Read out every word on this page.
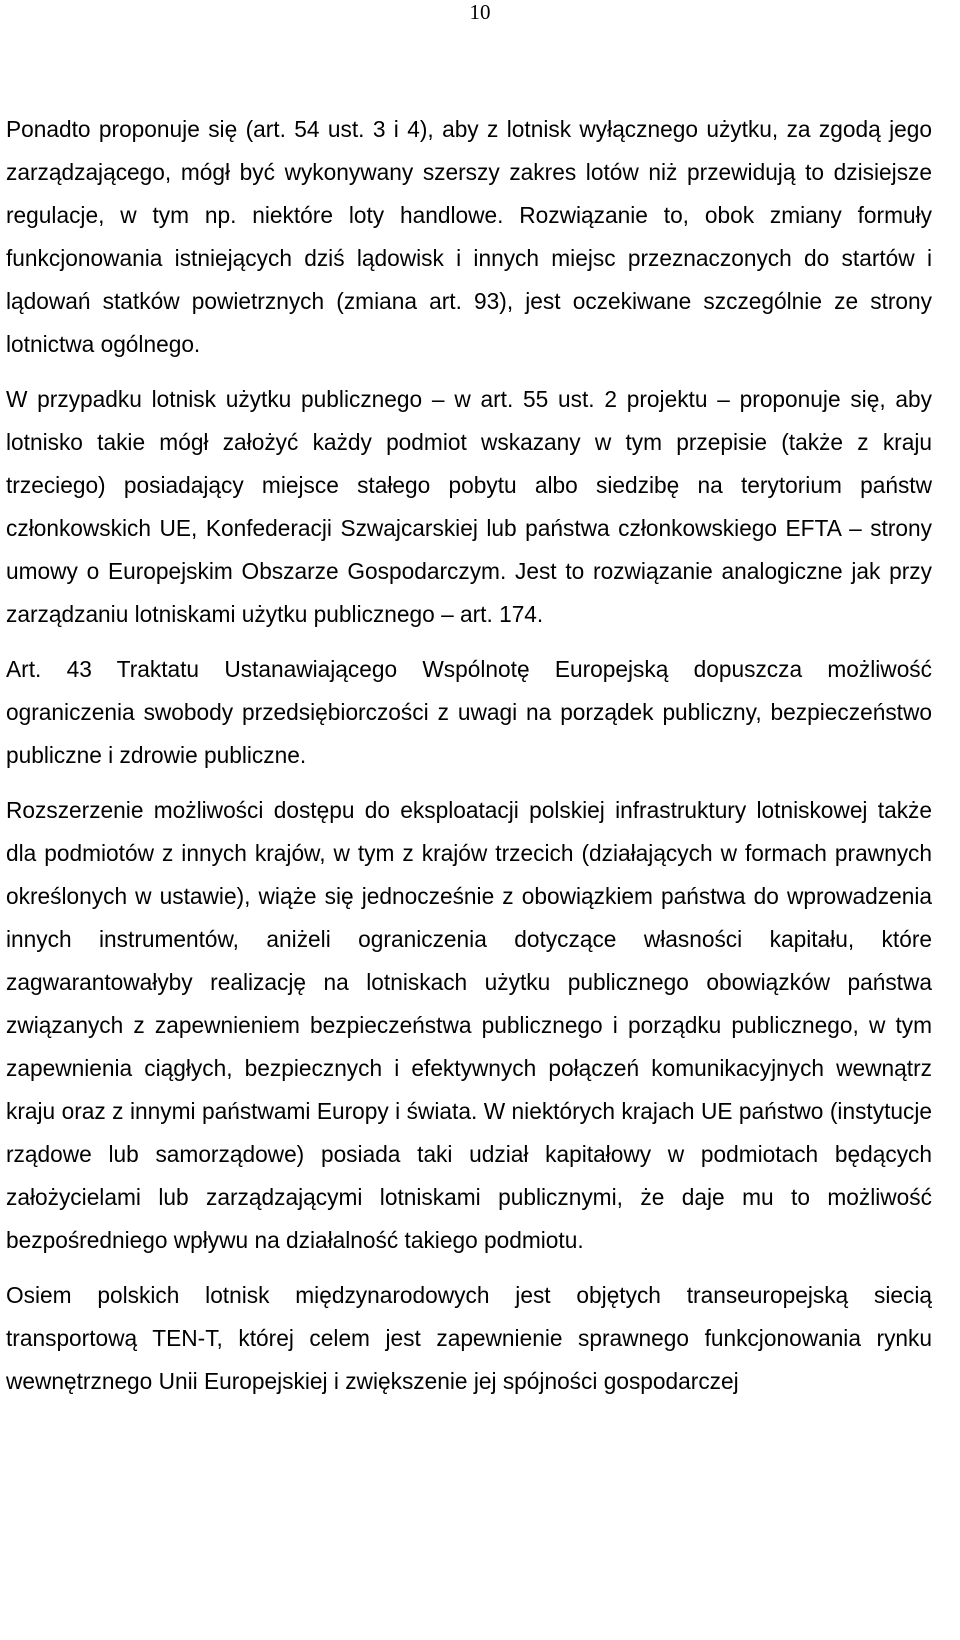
10

Ponadto proponuje się (art. 54 ust. 3 i 4), aby z lotnisk wyłącznego użytku, za zgodą jego zarządzającego, mógł być wykonywany szerszy zakres lotów niż przewidują to dzisiejsze regulacje, w tym np. niektóre loty handlowe. Rozwiązanie to, obok zmiany formuły funkcjonowania istniejących dziś lądowisk i innych miejsc przeznaczonych do startów i lądowań statków powietrznych (zmiana art. 93), jest oczekiwane szczególnie ze strony lotnictwa ogólnego.

W przypadku lotnisk użytku publicznego – w art. 55 ust. 2 projektu – proponuje się, aby lotnisko takie mógł założyć każdy podmiot wskazany w tym przepisie (także z kraju trzeciego) posiadający miejsce stałego pobytu albo siedzibę na terytorium państw członkowskich UE, Konfederacji Szwajcarskiej lub państwa członkowskiego EFTA – strony umowy o Europejskim Obszarze Gospodarczym. Jest to rozwiązanie analogiczne jak przy zarządzaniu lotniskami użytku publicznego – art. 174.

Art. 43 Traktatu Ustanawiającego Wspólnotę Europejską dopuszcza możliwość ograniczenia swobody przedsiębiorczości z uwagi na porządek publiczny, bezpieczeństwo publiczne i zdrowie publiczne.

Rozszerzenie możliwości dostępu do eksploatacji polskiej infrastruktury lotniskowej także dla podmiotów z innych krajów, w tym z krajów trzecich (działających w formach prawnych określonych w ustawie), wiąże się jednocześnie z obowiązkiem państwa do wprowadzenia innych instrumentów, aniżeli ograniczenia dotyczące własności kapitału, które zagwarantowałyby realizację na lotniskach użytku publicznego obowiązków państwa związanych z zapewnieniem bezpieczeństwa publicznego i porządku publicznego, w tym zapewnienia ciągłych, bezpiecznych i efektywnych połączeń komunikacyjnych wewnątrz kraju oraz z innymi państwami Europy i świata. W niektórych krajach UE państwo (instytucje rządowe lub samorządowe) posiada taki udział kapitałowy w podmiotach będących założycielami lub zarządzającymi lotniskami publicznymi, że daje mu to możliwość bezpośredniego wpływu na działalność takiego podmiotu.

Osiem polskich lotnisk międzynarodowych jest objętych transeuropejską siecią transportową TEN-T, której celem jest zapewnienie sprawnego funkcjonowania rynku wewnętrznego Unii Europejskiej i zwiększenie jej spójności gospodarczej
